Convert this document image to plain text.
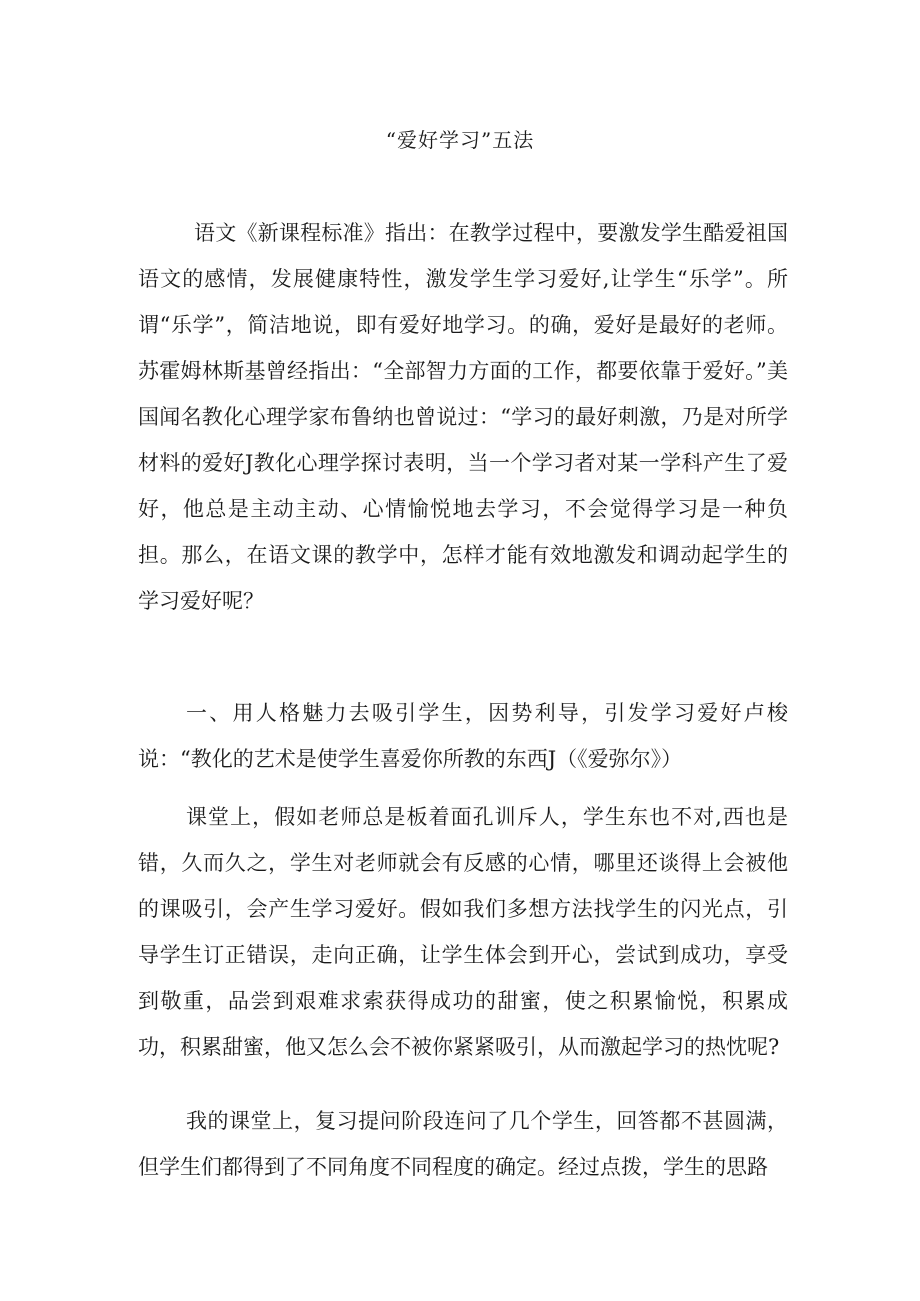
“爱好学习”五法
语文《新课程标准》指出：在教学过程中，要激发学生酷爱祖国语文的感情，发展健康特性，激发学生学习爱好,让学生“乐学”。所谓“乐学”，简洁地说，即有爱好地学习。的确，爱好是最好的老师。苏霍姆林斯基曾经指出：“全部智力方面的工作，都要依靠于爱好。”美国闻名教化心理学家布鲁纳也曾说过：“学习的最好刺激，乃是对所学材料的爱好J教化心理学探讨表明，当一个学习者对某一学科产生了爱好，他总是主动主动、心情愉悦地去学习，不会觉得学习是一种负担。那么，在语文课的教学中，怎样才能有效地激发和调动起学生的学习爱好呢？
一、用人格魅力去吸引学生，因势利导，引发学习爱好卢梭说：“教化的艺术是使学生喜爱你所教的东西J（《爱弥尔》）
课堂上，假如老师总是板着面孔训斥人，学生东也不对,西也是错，久而久之，学生对老师就会有反感的心情，哪里还谈得上会被他的课吸引，会产生学习爱好。假如我们多想方法找学生的闪光点，引导学生订正错误，走向正确，让学生体会到开心，尝试到成功，享受到敬重，品尝到艰难求索获得成功的甜蜜，使之积累愉悦，积累成功，积累甜蜜，他又怎么会不被你紧紧吸引，从而激起学习的热忱呢?
我的课堂上，复习提问阶段连问了几个学生，回答都不甚圆满，但学生们都得到了不同角度不同程度的确定。经过点拨，学生的思路
